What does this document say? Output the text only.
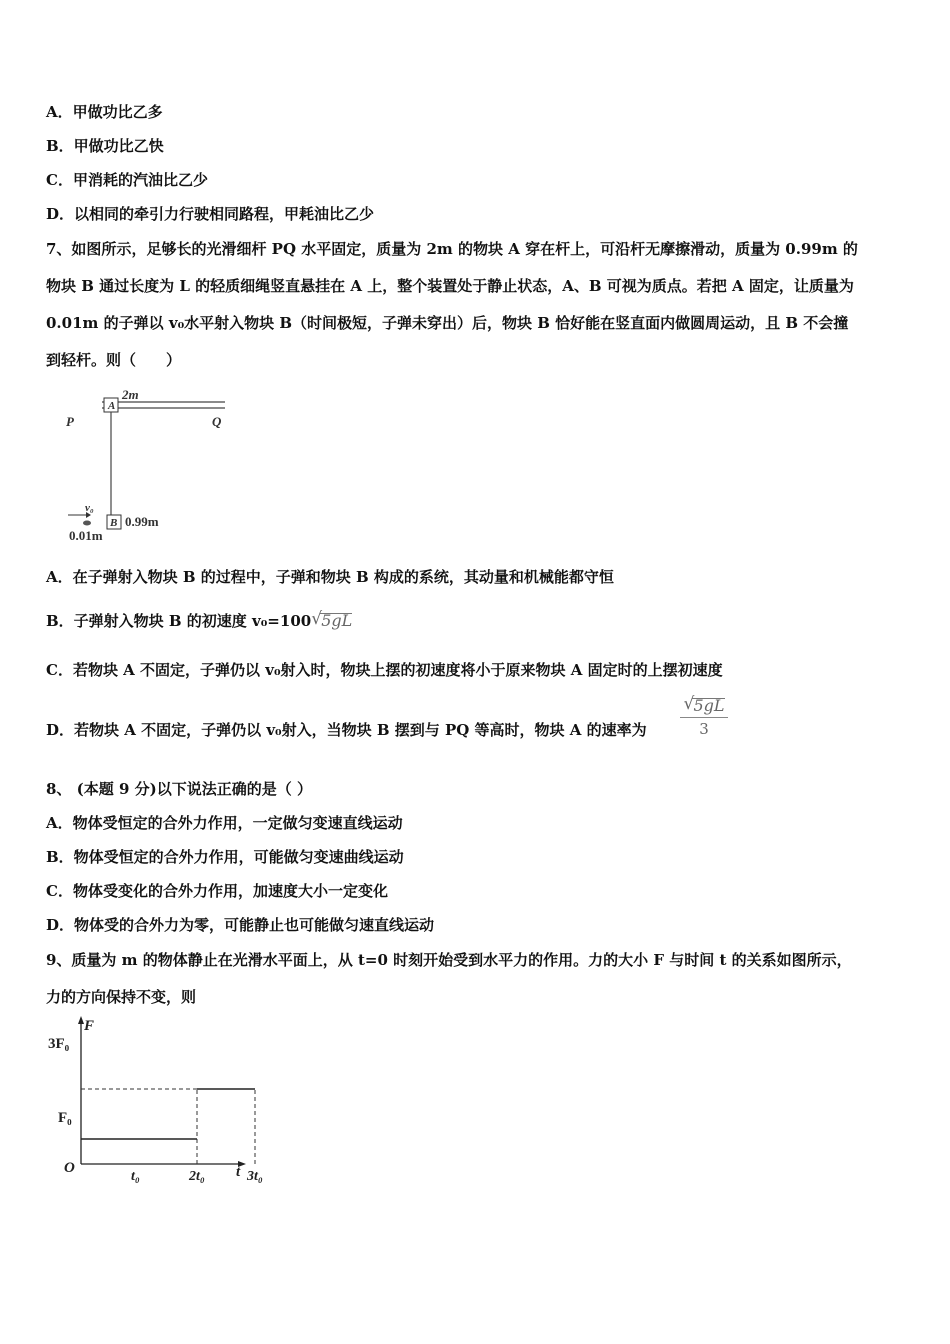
A．甲做功比乙多
B．甲做功比乙快
C．甲消耗的汽油比乙少
D．以相同的牵引力行驶相同路程，甲耗油比乙少
7、如图所示，足够长的光滑细杆 PQ 水平固定，质量为 2m 的物块 A 穿在杆上，可沿杆无摩擦滑动，质量为 0.99m 的
物块 B 通过长度为 L 的轻质细绳竖直悬挂在 A 上，整个装置处于静止状态，A、B 可视为质点。若把 A 固定，让质量为
0.01m 的子弹以 v₀水平射入物块 B（时间极短，子弹未穿出）后，物块 B 恰好能在竖直面内做圆周运动，且 B 不会撞
到轻杆。则（　　）
A
2m
P	Q
B 0.99m
v₀
0.01m
A．在子弹射入物块 B 的过程中，子弹和物块 B 构成的系统，其动量和机械能都守恒
B．子弹射入物块 B 的初速度 v₀=100 √ 5gL
C．若物块 A 不固定，子弹仍以 v₀射入时，物块上摆的初速度将小于原来物块 A 固定时的上摆初速度
D．若物块 A 不固定，子弹仍以 v₀射入，当物块 B 摆到与 PQ 等高时，物块 A 的速率为
√ 5gL
3
8、 (本题 9 分)以下说法正确的是（ ）
A．物体受恒定的合外力作用，一定做匀变速直线运动
B．物体受恒定的合外力作用，可能做匀变速曲线运动
C．物体受变化的合外力作用，加速度大小一定变化
D．物体受的合外力为零，可能静止也可能做匀速直线运动
9、质量为 m 的物体静止在光滑水平面上，从 t=0 时刻开始受到水平力的作用。力的大小 F 与时间 t 的关系如图所示，
力的方向保持不变，则
F
t
O
3F₀
F₀
t₀	2t₀	3t₀
